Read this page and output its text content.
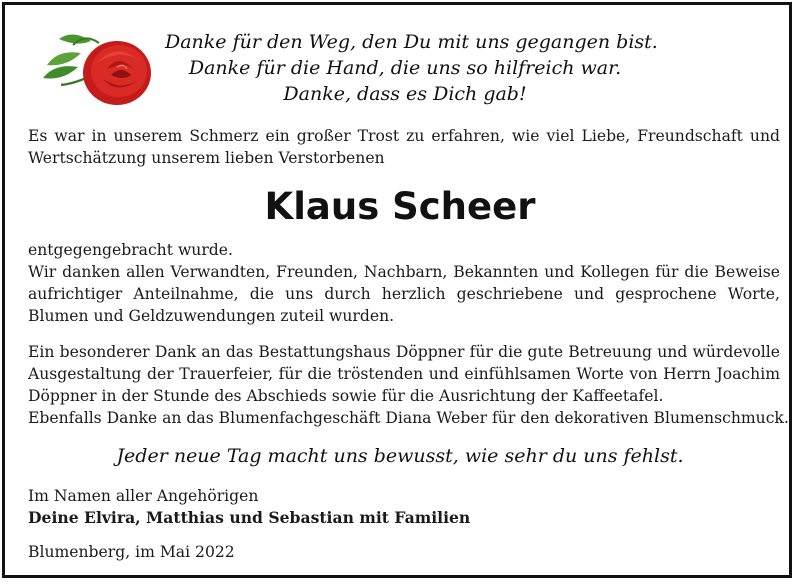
Danke für den Weg, den Du mit uns gegangen bist.
Danke für die Hand, die uns so hilfreich war.
Danke, dass es Dich gab!
Es war in unserem Schmerz ein großer Trost zu erfahren, wie viel Liebe, Freundschaft und
Wertschätzung unserem lieben Verstorbenen
Klaus Scheer
entgegengebracht wurde.
Wir danken allen Verwandten, Freunden, Nachbarn, Bekannten und Kollegen für die Beweise
aufrichtiger Anteilnahme, die uns durch herzlich geschriebene und gesprochene Worte,
Blumen und Geldzuwendungen zuteil wurden.
Ein besonderer Dank an das Bestattungshaus Döppner für die gute Betreuung und würdevolle
Ausgestaltung der Trauerfeier, für die tröstenden und einfühlsamen Worte von Herrn Joachim
Döppner in der Stunde des Abschieds sowie für die Ausrichtung der Kaffeetafel.
Ebenfalls Danke an das Blumenfachgeschäft Diana Weber für den dekorativen Blumenschmuck.
Jeder neue Tag macht uns bewusst, wie sehr du uns fehlst.
Im Namen aller Angehörigen
Deine Elvira, Matthias und Sebastian mit Familien
Blumenberg, im Mai 2022
